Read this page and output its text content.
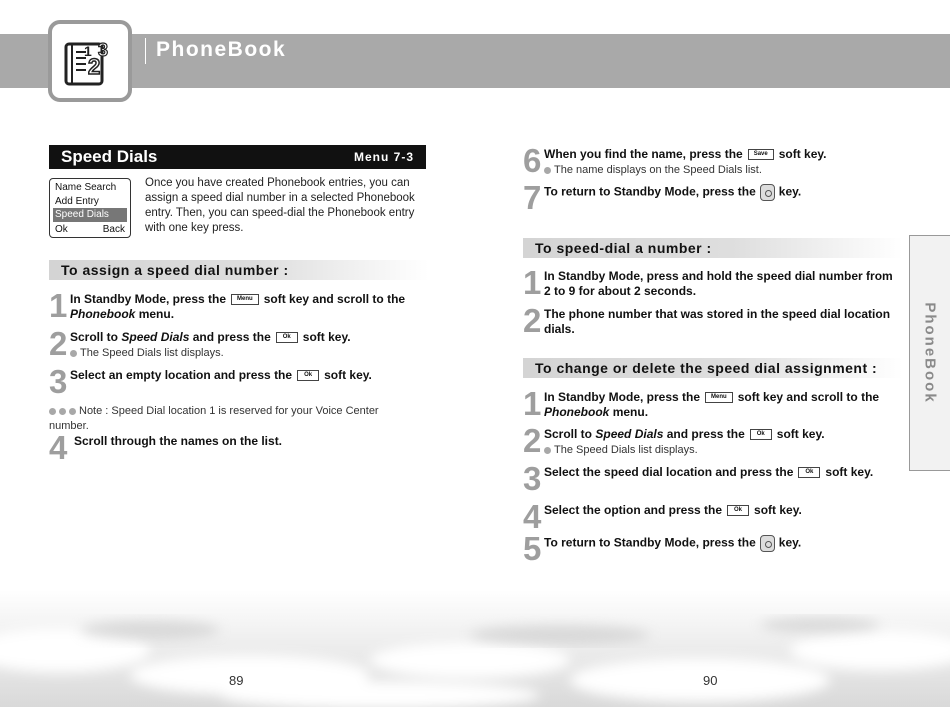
2
3
1	PhoneBook
PhoneBook
Speed Dials	Menu 7-3
Name Search
Add Entry
Speed Dials
Ok	Back
Once you have created Phonebook entries, you can assign a speed dial number in a selected Phonebook entry. Then, you can speed-dial the Phonebook entry with one key press.
To assign a speed dial number :
1 In Standby Mode, press the Menu soft key and scroll to the
Phonebook menu.
2 Scroll to Speed Dials and press the Ok soft key.
The Speed Dials list displays.
3 Select an empty location and press the Ok soft key.
Note : Speed Dial location 1 is reserved for your Voice Center number.
4 Scroll through the names on the list.
6 When you find the name, press the Save soft key.
The name displays on the Speed Dials list.
7 To return to Standby Mode, press the key.
To speed-dial a number :
1 In Standby Mode, press and hold the speed dial number from
2 to 9 for about 2 seconds.
2 The phone number that was stored in the speed dial location
dials.
To change or delete the speed dial assignment :
1 In Standby Mode, press the Menu soft key and scroll to the
Phonebook menu.
2 Scroll to Speed Dials and press the Ok soft key.
The Speed Dials list displays.
3 Select the speed dial location and press the Ok soft key.
4 Select the option and press the Ok soft key.
5 To return to Standby Mode, press the key.
89	90
